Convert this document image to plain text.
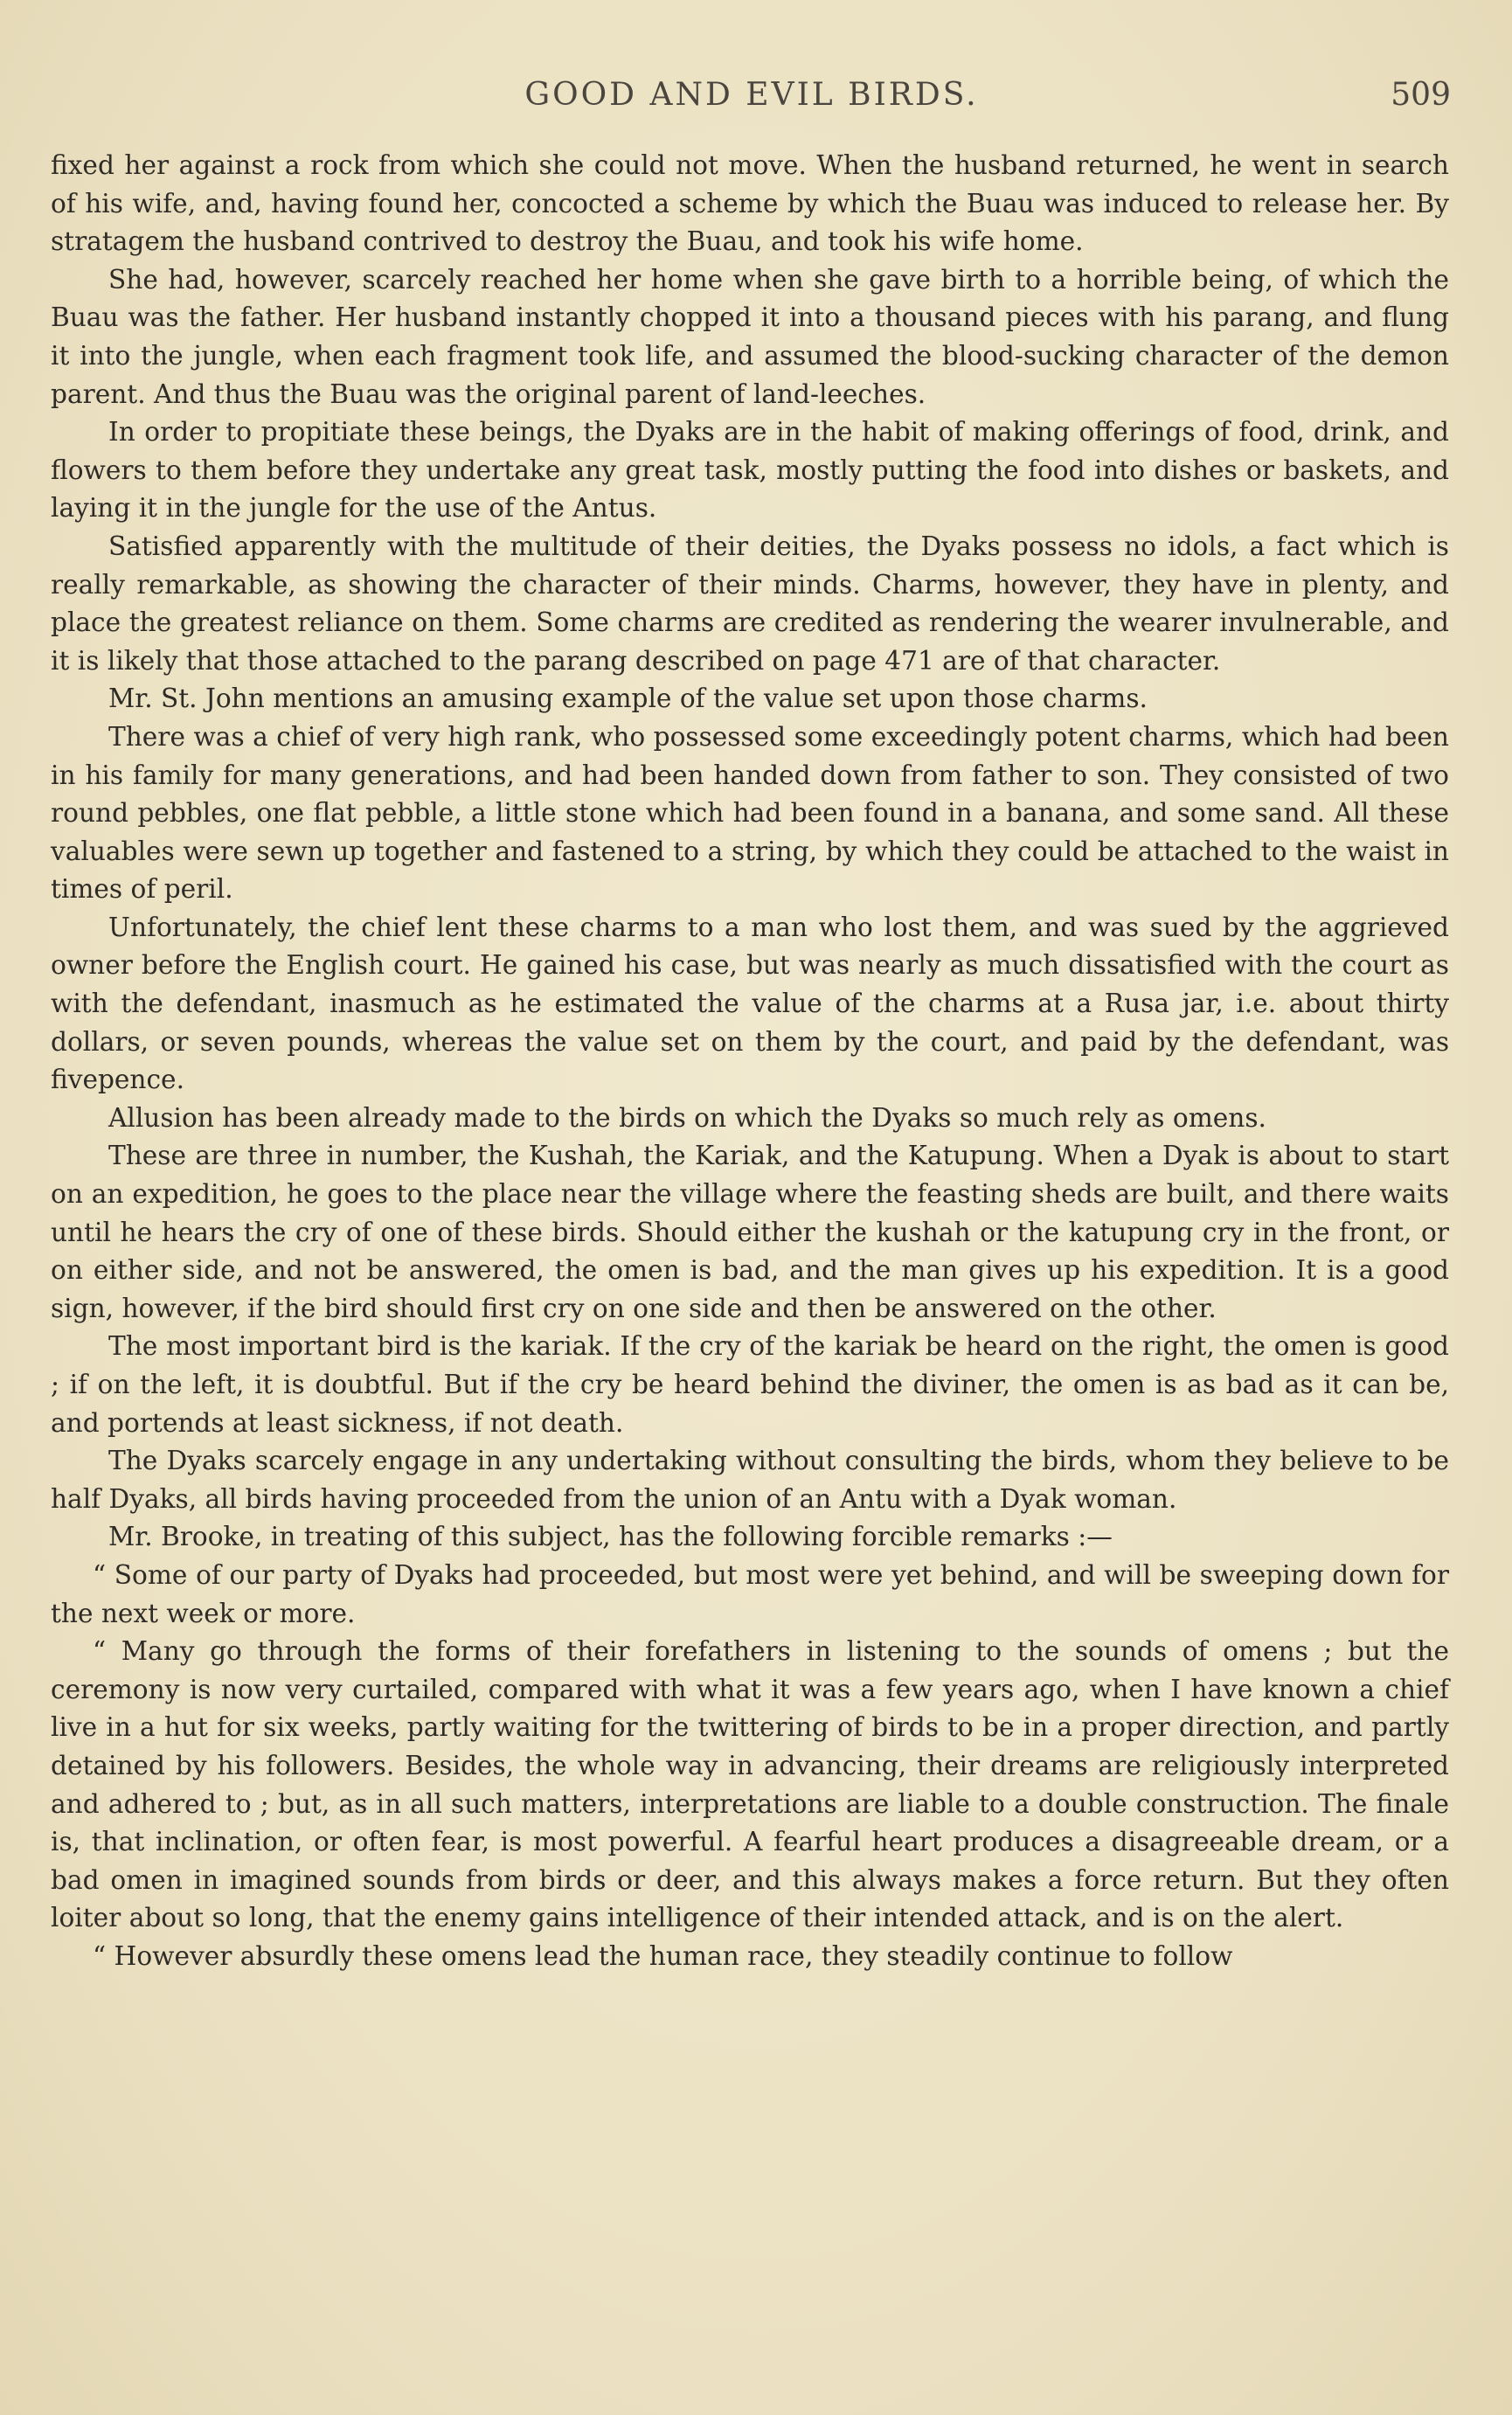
GOOD AND EVIL BIRDS.	509

fixed her against a rock from which she could not move. When the husband returned, he went in search of his wife, and, having found her, concocted a scheme by which the Buau was induced to release her. By stratagem the husband contrived to destroy the Buau, and took his wife home.

She had, however, scarcely reached her home when she gave birth to a horrible being, of which the Buau was the father. Her husband instantly chopped it into a thousand pieces with his parang, and flung it into the jungle, when each fragment took life, and assumed the blood-sucking character of the demon parent. And thus the Buau was the original parent of land-leeches.

In order to propitiate these beings, the Dyaks are in the habit of making offerings of food, drink, and flowers to them before they undertake any great task, mostly putting the food into dishes or baskets, and laying it in the jungle for the use of the Antus.

Satisfied apparently with the multitude of their deities, the Dyaks possess no idols, a fact which is really remarkable, as showing the character of their minds. Charms, however, they have in plenty, and place the greatest reliance on them. Some charms are credited as rendering the wearer invulnerable, and it is likely that those attached to the parang described on page 471 are of that character.

Mr. St. John mentions an amusing example of the value set upon those charms.

There was a chief of very high rank, who possessed some exceedingly potent charms, which had been in his family for many generations, and had been handed down from father to son. They consisted of two round pebbles, one flat pebble, a little stone which had been found in a banana, and some sand. All these valuables were sewn up together and fastened to a string, by which they could be attached to the waist in times of peril.

Unfortunately, the chief lent these charms to a man who lost them, and was sued by the aggrieved owner before the English court. He gained his case, but was nearly as much dissatisfied with the court as with the defendant, inasmuch as he estimated the value of the charms at a Rusa jar, i.e. about thirty dollars, or seven pounds, whereas the value set on them by the court, and paid by the defendant, was fivepence.

Allusion has been already made to the birds on which the Dyaks so much rely as omens.

These are three in number, the Kushah, the Kariak, and the Katupung. When a Dyak is about to start on an expedition, he goes to the place near the village where the feasting sheds are built, and there waits until he hears the cry of one of these birds. Should either the kushah or the katupung cry in the front, or on either side, and not be answered, the omen is bad, and the man gives up his expedition. It is a good sign, however, if the bird should first cry on one side and then be answered on the other.

The most important bird is the kariak. If the cry of the kariak be heard on the right, the omen is good ; if on the left, it is doubtful. But if the cry be heard behind the diviner, the omen is as bad as it can be, and portends at least sickness, if not death.

The Dyaks scarcely engage in any undertaking without consulting the birds, whom they believe to be half Dyaks, all birds having proceeded from the union of an Antu with a Dyak woman.

Mr. Brooke, in treating of this subject, has the following forcible remarks :—

“ Some of our party of Dyaks had proceeded, but most were yet behind, and will be sweeping down for the next week or more.

“ Many go through the forms of their forefathers in listening to the sounds of omens ; but the ceremony is now very curtailed, compared with what it was a few years ago, when I have known a chief live in a hut for six weeks, partly waiting for the twittering of birds to be in a proper direction, and partly detained by his followers. Besides, the whole way in advancing, their dreams are religiously interpreted and adhered to ; but, as in all such matters, interpretations are liable to a double construction. The finale is, that inclination, or often fear, is most powerful. A fearful heart produces a disagreeable dream, or a bad omen in imagined sounds from birds or deer, and this always makes a force return. But they often loiter about so long, that the enemy gains intelligence of their intended attack, and is on the alert.

“ However absurdly these omens lead the human race, they steadily continue to follow
